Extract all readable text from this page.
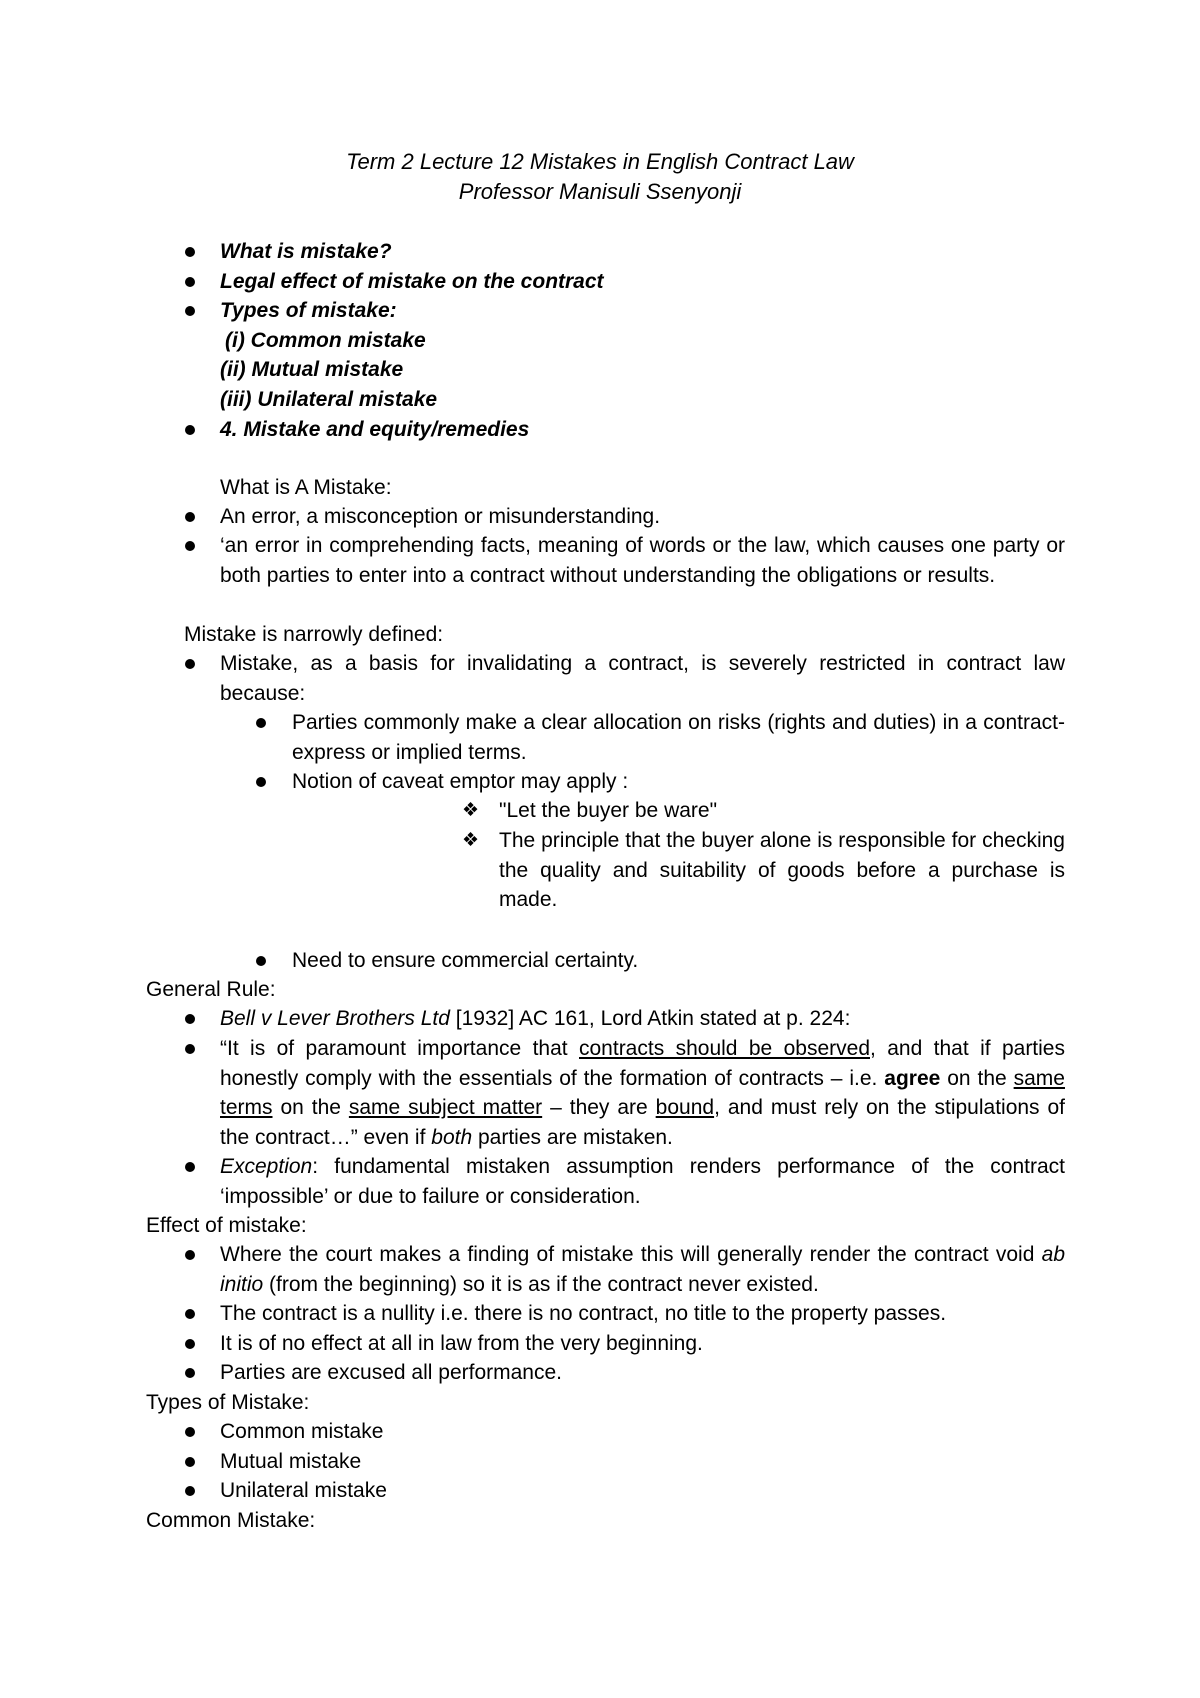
Term 2 Lecture 12 Mistakes in English Contract Law
Professor Manisuli Ssenyonji
What is mistake?
Legal effect of mistake on the contract
Types of mistake:
(i) Common mistake
(ii) Mutual mistake
(iii) Unilateral mistake
4. Mistake and equity/remedies
What is A Mistake:
An error, a misconception or misunderstanding.
‘an error in comprehending facts, meaning of words or the law, which causes one party or both parties to enter into a contract without understanding the obligations or results.
Mistake is narrowly defined:
Mistake, as a basis for invalidating a contract, is severely restricted in contract law because:
Parties commonly make a clear allocation on risks (rights and duties) in a contract- express or implied terms.
Notion of caveat emptor may apply :
❖ "Let the buyer be ware"
❖ The principle that the buyer alone is responsible for checking the quality and suitability of goods before a purchase is made.
Need to ensure commercial certainty.
General Rule:
Bell v Lever Brothers Ltd [1932] AC 161, Lord Atkin stated at p. 224:
“It is of paramount importance that contracts should be observed, and that if parties honestly comply with the essentials of the formation of contracts – i.e. agree on the same terms on the same subject matter – they are bound, and must rely on the stipulations of the contract…” even if both parties are mistaken.
Exception: fundamental mistaken assumption renders performance of the contract ‘impossible’ or due to failure or consideration.
Effect of mistake:
Where the court makes a finding of mistake this will generally render the contract void ab initio (from the beginning) so it is as if the contract never existed.
The contract is a nullity i.e. there is no contract, no title to the property passes.
It is of no effect at all in law from the very beginning.
Parties are excused all performance.
Types of Mistake:
Common mistake
Mutual mistake
Unilateral mistake
Common Mistake:
